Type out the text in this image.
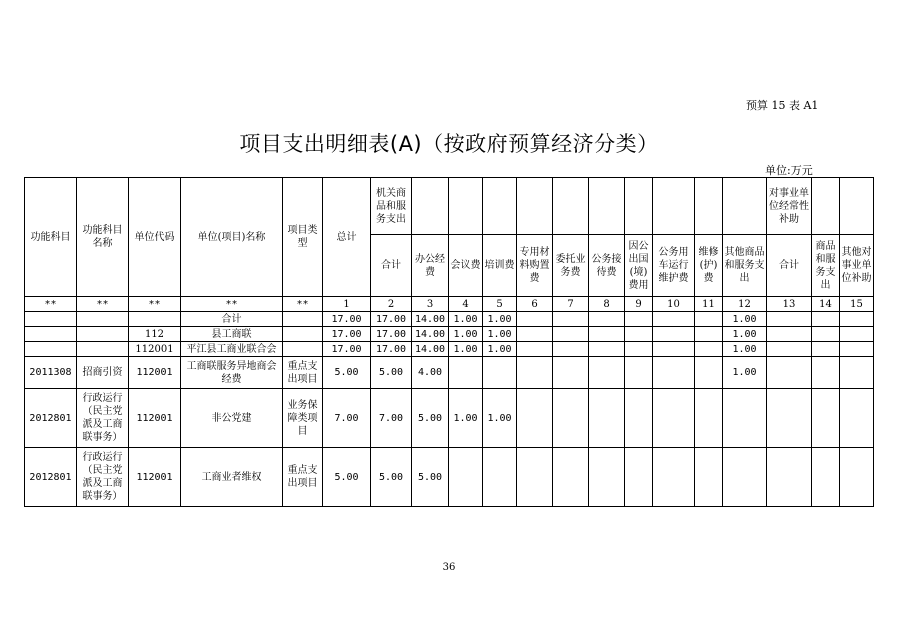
预算 15 表 A1
项目支出明细表(A)（按政府预算经济分类）
单位:万元
功能科目	功能科目名称	单位代码	单位(项目)名称	项目类型	总计	机关商品和服务支出											对事业单位经常性补助		
						合计	办公经费	会议费	培训费	专用材料购置费	委托业务费	公务接待费	因公出国(境)费用	公务用车运行维护费	维修(护)费	其他商品和服务支出	合计	商品和服务支出	其他对事业单位补助
**	**	**	**	**	1	2	3	4	5	6	7	8	9	10	11	12	13	14	15
			合计		17.00	17.00	14.00	1.00	1.00							1.00			
		112	县工商联		17.00	17.00	14.00	1.00	1.00							1.00			
		112001	平江县工商业联合会		17.00	17.00	14.00	1.00	1.00							1.00			
2011308	招商引资	112001	工商联服务异地商会经费	重点支出项目	5.00	5.00	4.00									1.00			
2012801	行政运行（民主党派及工商联事务）	112001	非公党建	业务保障类项目	7.00	7.00	5.00	1.00	1.00										
2012801	行政运行（民主党派及工商联事务）	112001	工商业者维权	重点支出项目	5.00	5.00	5.00												
36
